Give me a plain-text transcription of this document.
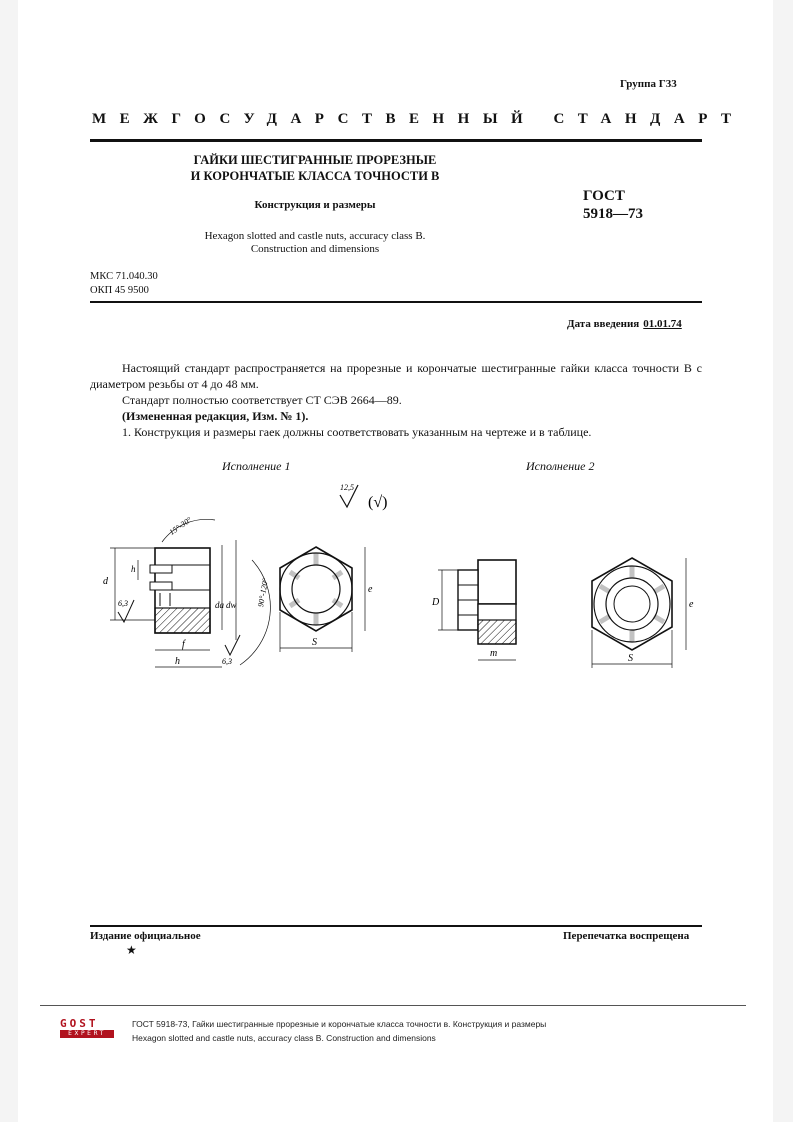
Группа Г33
МЕЖГОСУДАРСТВЕННЫЙ СТАНДАРТ
ГАЙКИ ШЕСТИГРАННЫЕ ПРОРЕЗНЫЕ
И КОРОНЧАТЫЕ КЛАССА ТОЧНОСТИ В
Конструкция и размеры
Hexagon slotted and castle nuts, accuracy class B.
Construction and dimensions
ГОСТ
5918—73
МКС 71.040.30
ОКП 45 9500
Дата введения 01.01.74

Настоящий стандарт распространяется на прорезные и корончатые шестигранные гайки класса точности В с диаметром резьбы от 4 до 48 мм.

Стандарт полностью соответствует СТ СЭВ 2664—89.

(Измененная редакция, Изм. № 1).

1. Конструкция и размеры гаек должны соответствовать указанным на чертеже и в таблице.

Исполнение 1	Исполнение 2
12,5
(√)
d
h
6,3	da dw
f
h
15°-30°
90°-120°
6,3
S
e
D
m	S
e
Издание официальное	Перепечатка воспрещена
★
GOST
EXPERT
ГОСТ 5918-73, Гайки шестигранные прорезные и корончатые класса точности в. Конструкция и размеры
Hexagon slotted and castle nuts, accuracy class B. Construction and dimensions
